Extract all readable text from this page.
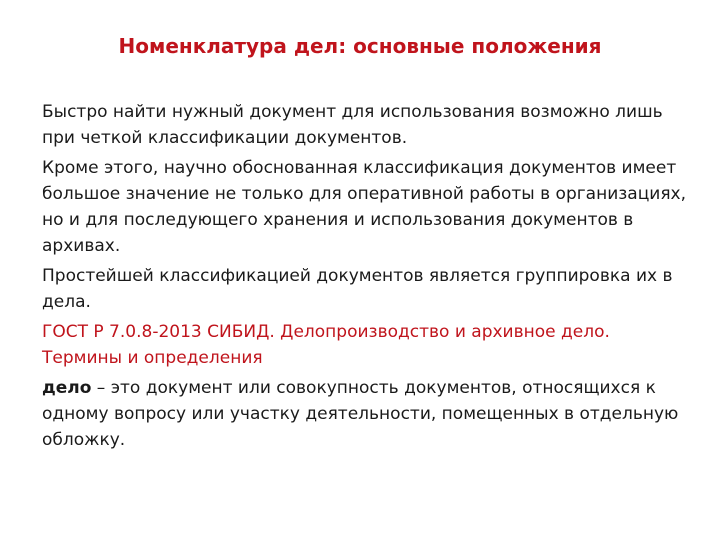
Номенклатура дел: основные положения

Быстро найти нужный документ для использования возможно лишь при четкой классификации документов.

Кроме этого, научно обоснованная классификация документов имеет большое значение не только для оперативной работы в организациях, но и для последующего хранения и использования документов в архивах.

Простейшей классификацией документов является группировка их в дела.

ГОСТ Р 7.0.8-2013 СИБИД. Делопроизводство и архивное дело. Термины и определения

дело – это документ или совокупность документов, относящихся к одному вопросу или участку деятельности, помещенных в отдельную обложку.
